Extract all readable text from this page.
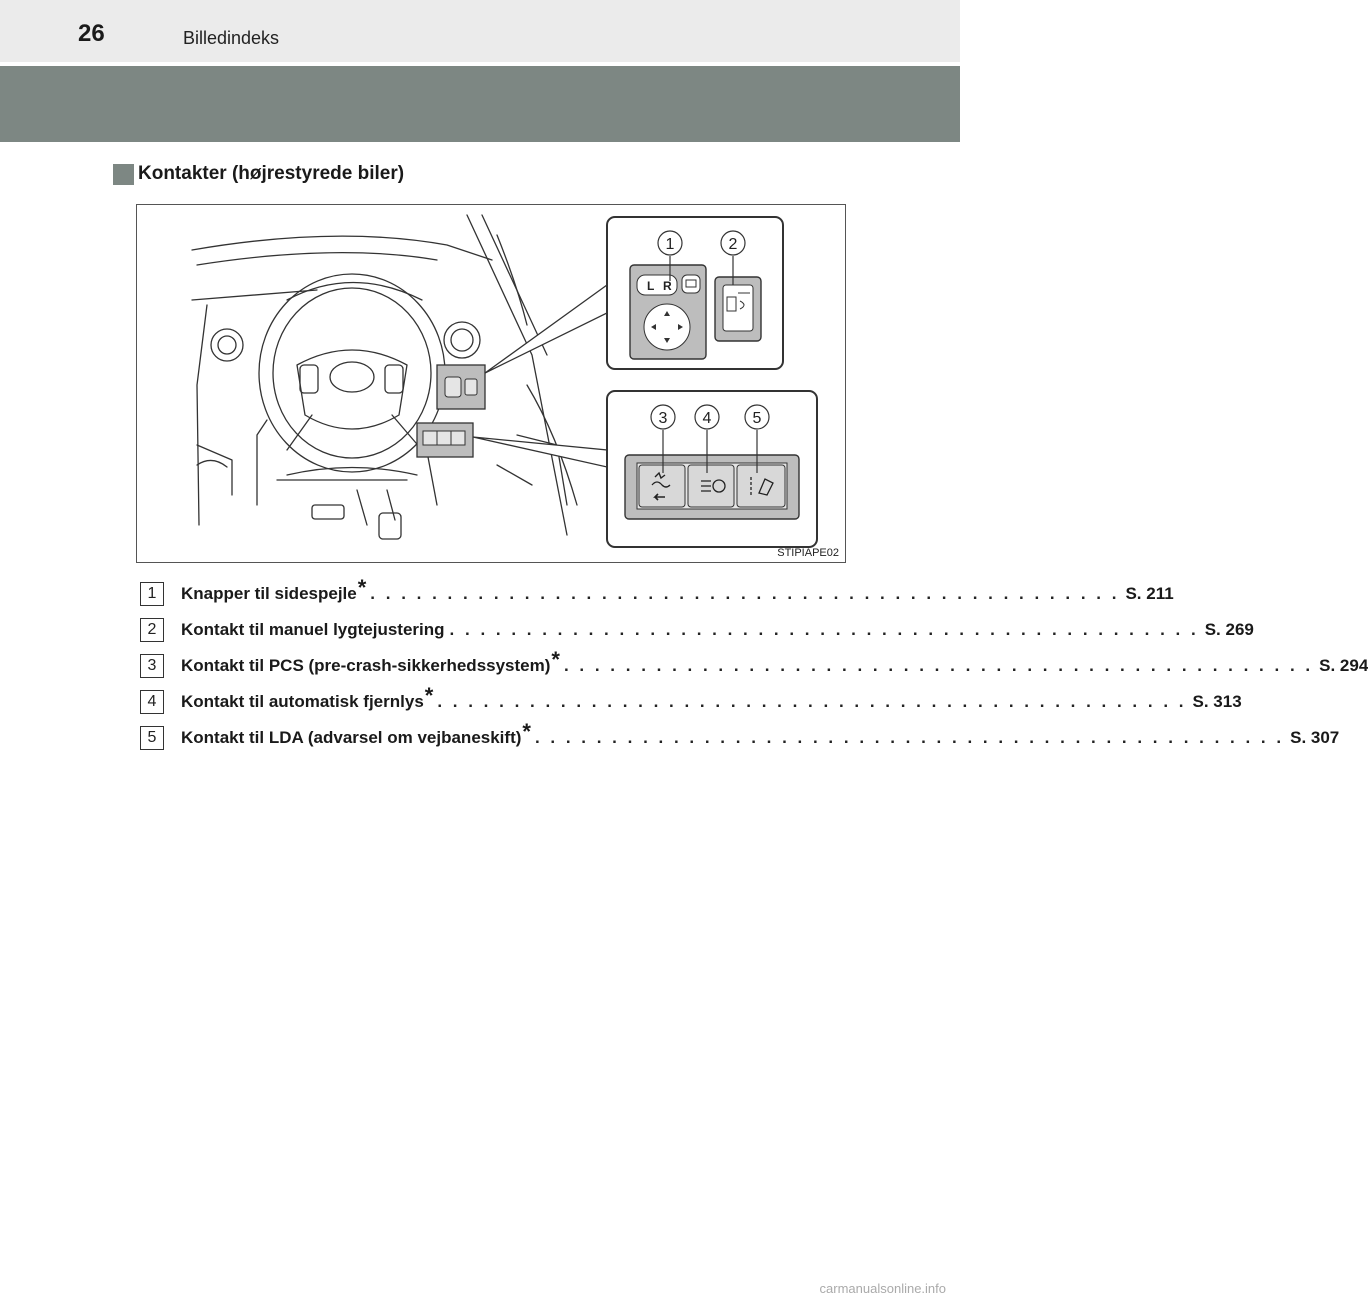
26	Billedindeks
Kontakter (højrestyrede biler)
L R
1	2
3 4	5
STIPIAPE02
1	Knapper til sidespejle * . . . . . . . . . . . . . . . . . . . . . . . . . . . . . . . . . . . . . . . . . . . . . . . . . S. 211
2	Kontakt til manuel lygtejustering . . . . . . . . . . . . . . . . . . . . . . . . . . . . . . . . . . . . . . . . . . . . . . . . . S. 269
3	Kontakt til PCS (pre-crash-sikkerhedssystem) * . . . . . . . . . . . . . . . . . . . . . . . . . . . . . . . . . . . . . . . . . . . . . . . . . S. 294
4	Kontakt til automatisk fjernlys * . . . . . . . . . . . . . . . . . . . . . . . . . . . . . . . . . . . . . . . . . . . . . . . . . S. 313
5	Kontakt til LDA (advarsel om vejbaneskift) * . . . . . . . . . . . . . . . . . . . . . . . . . . . . . . . . . . . . . . . . . . . . . . . . . S. 307
carmanualsonline.info
